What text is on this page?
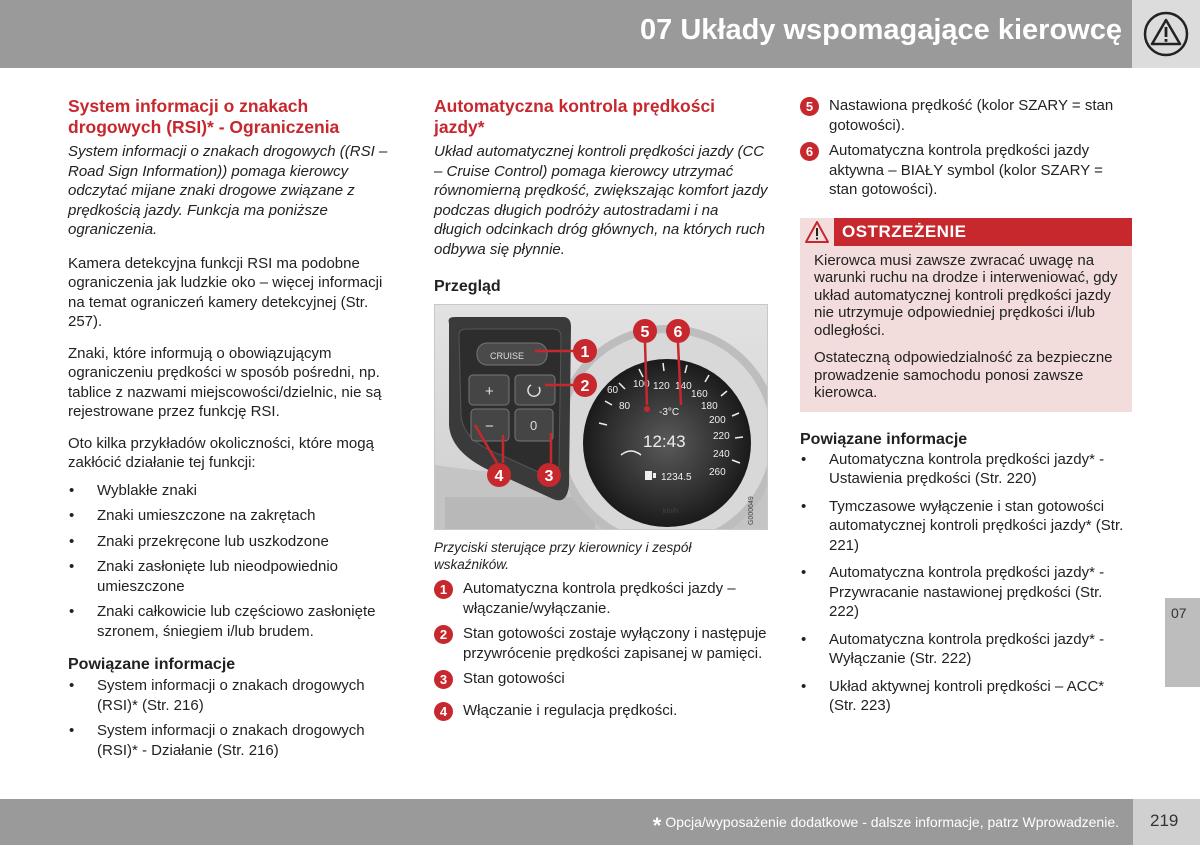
07 Układy wspomagające kierowcę
System informacji o znakach drogowych (RSI)* - Ograniczenia

System informacji o znakach drogowych ((RSI – Road Sign Information)) pomaga kierowcy odczytać mijane znaki drogowe związane z prędkością jazdy. Funkcja ma poniższe ograniczenia.

Kamera detekcyjna funkcji RSI ma podobne ograniczenia jak ludzkie oko – więcej informacji na temat ograniczeń kamery detekcyjnej (Str. 257).

Znaki, które informują o obowiązującym ograniczeniu prędkości w sposób pośredni, np. tablice z nazwami miejscowości/dzielnic, nie są rejestrowane przez funkcję RSI.

Oto kilka przykładów okoliczności, które mogą zakłócić działanie tej funkcji:

• Wyblakłe znaki
• Znaki umieszczone na zakrętach
• Znaki przekręcone lub uszkodzone
• Znaki zasłonięte lub nieodpowiednio umieszczone
• Znaki całkowicie lub częściowo zasłonięte szronem, śniegiem i/lub brudem.
Powiązane informacje
• System informacji o znakach drogowych (RSI)* (Str. 216)
• System informacji o znakach drogowych (RSI)* - Działanie (Str. 216)
Automatyczna kontrola prędkości jazdy*

Układ automatycznej kontroli prędkości jazdy (CC – Cruise Control) pomaga kierowcy utrzymać równomierną prędkość, zwiększając komfort jazdy podczas długich podróży autostradami i na długich odcinkach dróg głównych, na których ruch odbywa się płynnie.

Przegląd
60
80
100 120 140
160
180
200
220
240
260
-3°C
12:43
1234.5
km/h	G000649
CRUISE
+
−	0
1
2
3
4
5 6

Przyciski sterujące przy kierownicy i zespół wskaźników.

1	Automatyczna kontrola prędkości jazdy – włączanie/wyłączanie.
2	Stan gotowości zostaje wyłączony i następuje przywrócenie prędkości zapisanej w pamięci.
3	Stan gotowości
4	Włączanie i regulacja prędkości.
5	Nastawiona prędkość (kolor SZARY = stan gotowości).
6	Automatyczna kontrola prędkości jazdy aktywna – BIAŁY symbol (kolor SZARY = stan gotowości).
OSTRZEŻENIE

Kierowca musi zawsze zwracać uwagę na warunki ruchu na drodze i interweniować, gdy układ automatycznej kontroli prędkości jazdy nie utrzymuje odpowiedniej prędkości i/lub odległości.

Ostateczną odpowiedzialność za bezpieczne prowadzenie samochodu ponosi zawsze kierowca.

Powiązane informacje
• Automatyczna kontrola prędkości jazdy* - Ustawienia prędkości (Str. 220)
• Tymczasowe wyłączenie i stan gotowości automatycznej kontroli prędkości jazdy* (Str. 221)
• Automatyczna kontrola prędkości jazdy* - Przywracanie nastawionej prędkości (Str. 222)
• Automatyczna kontrola prędkości jazdy* - Wyłączanie (Str. 222)
• Układ aktywnej kontroli prędkości – ACC* (Str. 223)
07
* Opcja/wyposażenie dodatkowe - dalsze informacje, patrz Wprowadzenie. 219
